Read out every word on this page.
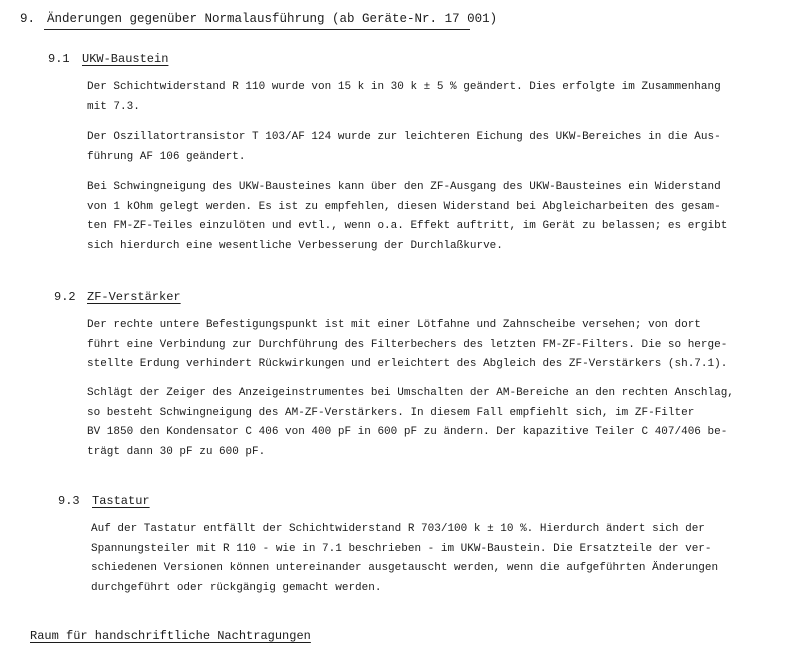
9. Änderungen gegenüber Normalausführung (ab Geräte-Nr. 17 001)
9.1 UKW-Baustein
Der Schichtwiderstand R 110 wurde von 15 k in 30 k ± 5 % geändert. Dies erfolgte im Zusammenhang
mit 7.3.
Der Oszillatortransistor T 103/AF 124 wurde zur leichteren Eichung des UKW-Bereiches in die Aus-
führung AF 106 geändert.
Bei Schwingneigung des UKW-Bausteines kann über den ZF-Ausgang des UKW-Bausteines ein Widerstand
von 1 kOhm gelegt werden. Es ist zu empfehlen, diesen Widerstand bei Abgleicharbeiten des gesam-
ten FM-ZF-Teiles einzulöten und evtl., wenn o.a. Effekt auftritt, im Gerät zu belassen; es ergibt
sich hierdurch eine wesentliche Verbesserung der Durchlaßkurve.
9.2 ZF-Verstärker
Der rechte untere Befestigungspunkt ist mit einer Lötfahne und Zahnscheibe versehen; von dort
führt eine Verbindung zur Durchführung des Filterbechers des letzten FM-ZF-Filters. Die so herge-
stellte Erdung verhindert Rückwirkungen und erleichtert des Abgleich des ZF-Verstärkers (sh.7.1).
Schlägt der Zeiger des Anzeigeinstrumentes bei Umschalten der AM-Bereiche an den rechten Anschlag,
so besteht Schwingneigung des AM-ZF-Verstärkers. In diesem Fall empfiehlt sich, im ZF-Filter
BV 1850 den Kondensator C 406 von 400 pF in 600 pF zu ändern. Der kapazitive Teiler C 407/406 be-
trägt dann 30 pF zu 600 pF.
9.3 Tastatur
Auf der Tastatur entfällt der Schichtwiderstand R 703/100 k ± 10 %. Hierdurch ändert sich der
Spannungsteiler mit R 110 - wie in 7.1 beschrieben - im UKW-Baustein. Die Ersatzteile der ver-
schiedenen Versionen können untereinander ausgetauscht werden, wenn die aufgeführten Änderungen
durchgeführt oder rückgängig gemacht werden.
Raum für handschriftliche Nachtragungen
